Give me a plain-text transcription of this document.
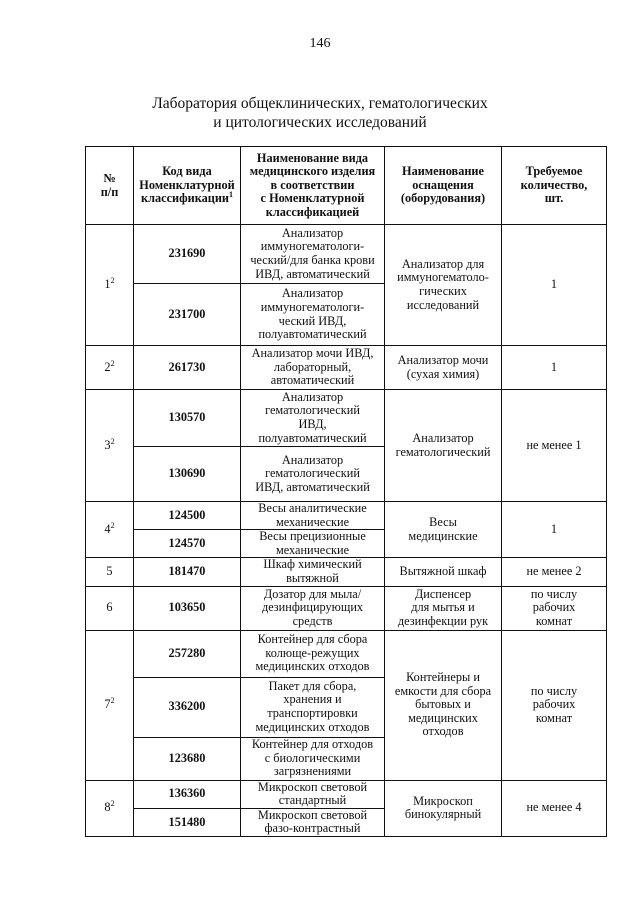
146
Лаборатория общеклинических, гематологических
и цитологических исследований
№
п/п	Код вида
Номенклатурной
классификации$^1$	Наименование вида
медицинского изделия
в соответствии
с Номенклатурной
классификацией	Наименование
оснащения
(оборудования)	Требуемое
количество,
шт.

$1^2$	231690	Анализатор
иммуногематологи-
ческий/для банка крови
ИВД, автоматический	Анализатор для
иммуногематоло-
гических
исследований	1

	231700	Анализатор
иммуногематологи-
ческий ИВД,
полуавтоматический		

$2^2$	261730	Анализатор мочи ИВД,
лабораторный,
автоматический	Анализатор мочи
(сухая химия)	1

$3^2$	130570	Анализатор
гематологический
ИВД,
полуавтоматический	Анализатор
гематологический	не менее 1

	130690	Анализатор
гематологический
ИВД, автоматический		

$4^2$	124500	Весы аналитические
механические	Весы
медицинские	1

	124570	Весы прецизионные
механические		

5	181470	Шкаф химический
вытяжной	Вытяжной шкаф	не менее 2

6	103650	Дозатор для мыла/
дезинфицирующих
средств	Диспенсер
для мытья и
дезинфекции рук	по числу
рабочих
комнат

$7^2$	257280	Контейнер для сбора
колюще-режущих
медицинских отходов	Контейнеры и
емкости для сбора
бытовых и
медицинских
отходов	по числу
рабочих
комнат

	336200	Пакет для сбора,
хранения и
транспортировки
медицинских отходов		

	123680	Контейнер для отходов
с биологическими
загрязнениями		

$8^2$	136360	Микроскоп световой
стандартный	Микроскоп
бинокулярный	не менее 4

	151480	Микроскоп световой
фазо-контрастный		
